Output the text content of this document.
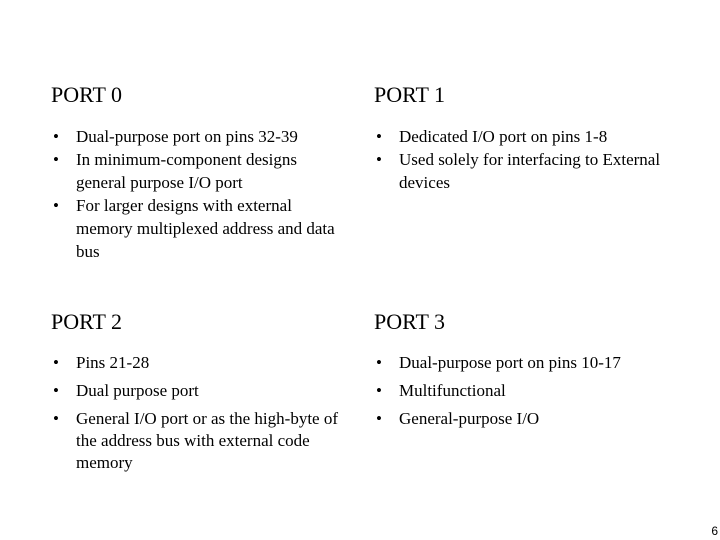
PORT 0
• Dual-purpose port on pins 32-39
• In minimum-component designs general purpose I/O port
• For larger designs with external memory multiplexed address and data bus
PORT 1
• Dedicated I/O port on pins 1-8
• Used solely for interfacing to External devices
PORT 2
• Pins 21-28
• Dual purpose port
• General I/O port or as the high‑byte of the address bus with external code memory
PORT 3
• Dual-purpose port on pins 10-17
• Multifunctional
• General-purpose I/O
6
